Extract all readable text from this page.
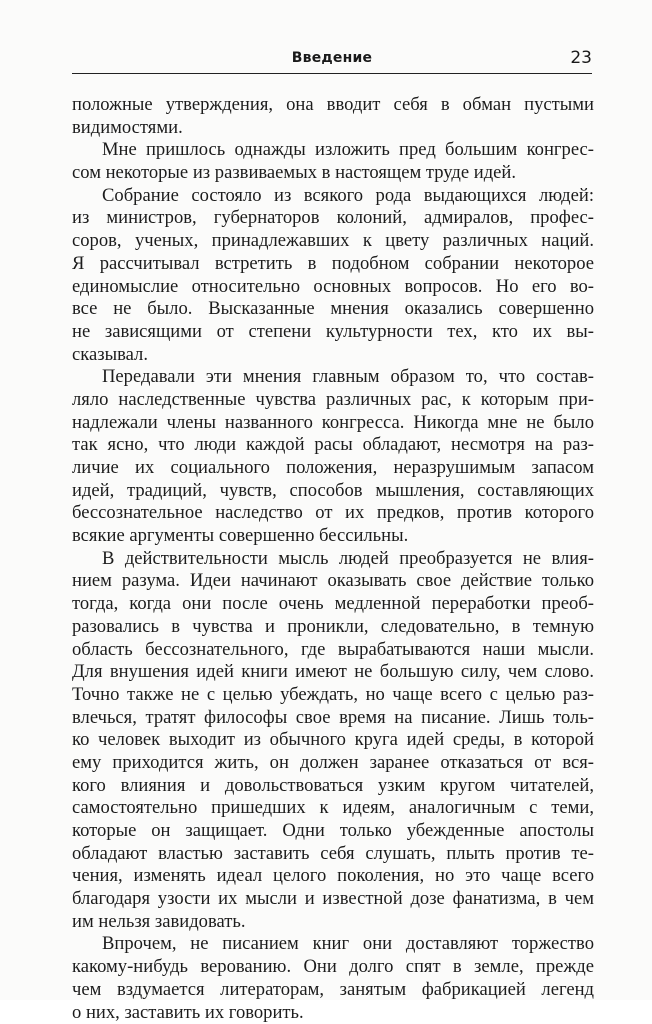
Введение	23
положные утверждения, она вводит себя в обман пустыми
видимостями.
Мне пришлось однажды изложить пред большим конгрес-
сом некоторые из развиваемых в настоящем труде идей.
Собрание состояло из всякого рода выдающихся людей:
из министров, губернаторов колоний, адмиралов, профес-
соров, ученых, принадлежавших к цвету различных наций.
Я рассчитывал встретить в подобном собрании некоторое
единомыслие относительно основных вопросов. Но его во-
все не было. Высказанные мнения оказались совершенно
не зависящими от степени культурности тех, кто их вы-
сказывал.
Передавали эти мнения главным образом то, что состав-
ляло наследственные чувства различных рас, к которым при-
надлежали члены названного конгресса. Никогда мне не было
так ясно, что люди каждой расы обладают, несмотря на раз-
личие их социального положения, неразрушимым запасом
идей, традиций, чувств, способов мышления, составляющих
бессознательное наследство от их предков, против которого
всякие аргументы совершенно бессильны.
В действительности мысль людей преобразуется не влия-
нием разума. Идеи начинают оказывать свое действие только
тогда, когда они после очень медленной переработки преоб-
разовались в чувства и проникли, следовательно, в темную
область бессознательного, где вырабатываются наши мысли.
Для внушения идей книги имеют не большую силу, чем слово.
Точно также не с целью убеждать, но чаще всего с целью раз-
влечься, тратят философы свое время на писание. Лишь толь-
ко человек выходит из обычного круга идей среды, в которой
ему приходится жить, он должен заранее отказаться от вся-
кого влияния и довольствоваться узким кругом читателей,
самостоятельно пришедших к идеям, аналогичным с теми,
которые он защищает. Одни только убежденные апостолы
обладают властью заставить себя слушать, плыть против те-
чения, изменять идеал целого поколения, но это чаще всего
благодаря узости их мысли и известной дозе фанатизма, в чем
им нельзя завидовать.
Впрочем, не писанием книг они доставляют торжество
какому-нибудь верованию. Они долго спят в земле, прежде
чем вздумается литераторам, занятым фабрикацией легенд
о них, заставить их говорить.
